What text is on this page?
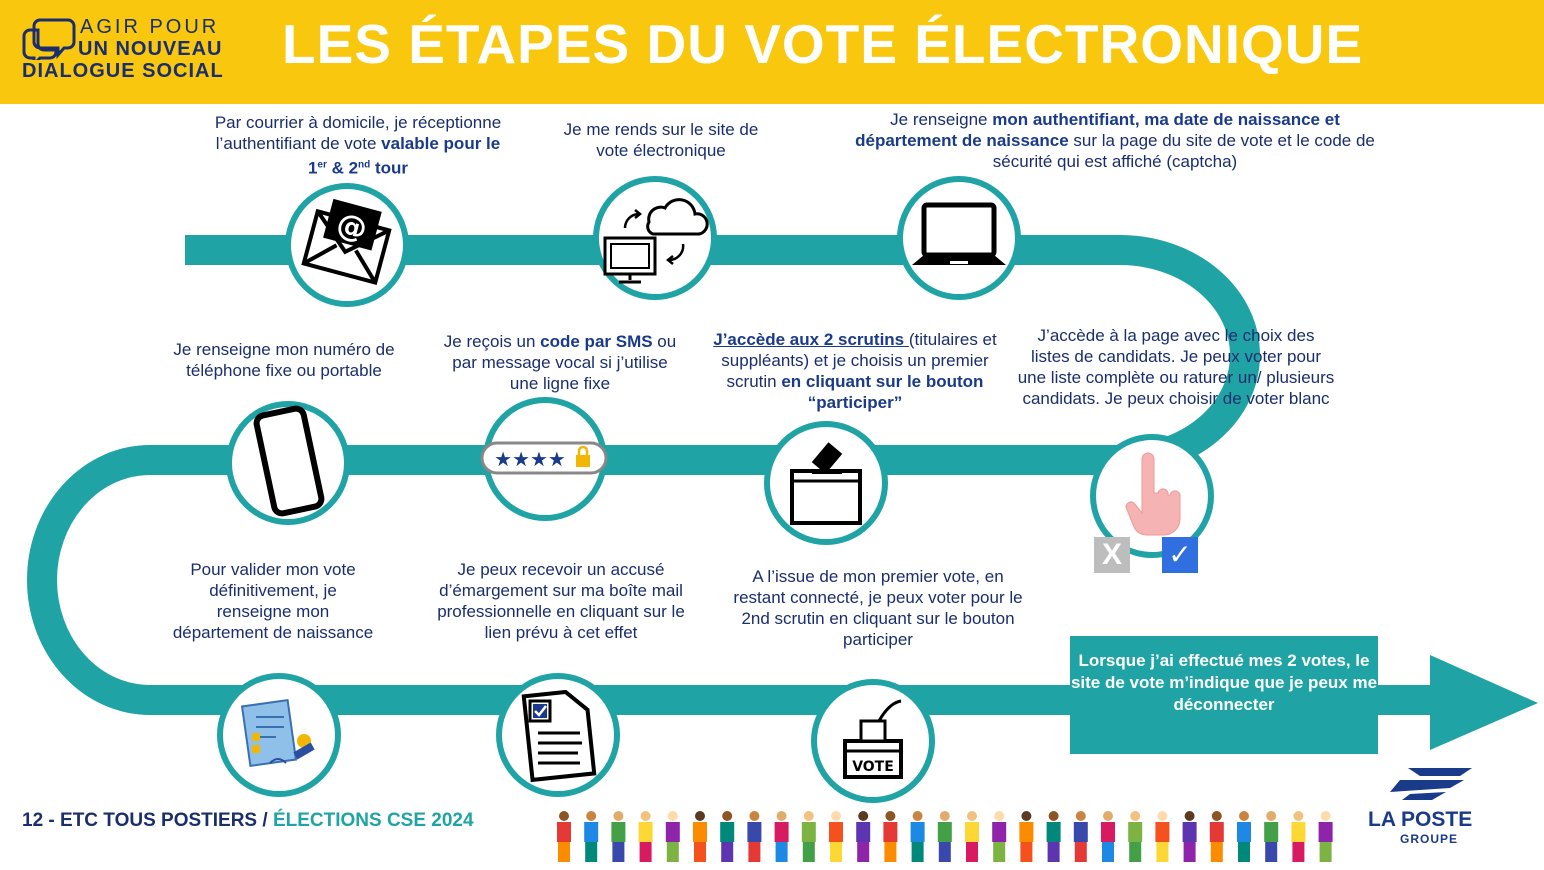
AGIR POUR
UN NOUVEAU
DIALOGUE SOCIAL LES ÉTAPES DU VOTE ÉLECTRONIQUE
Par courrier à domicile, je réceptionne l’authentifiant de vote valable pour le 1er & 2nd tour
Je me rends sur le site de vote électronique
Je renseigne mon authentifiant, ma date de naissance et département de naissance sur la page du site de vote et le code de sécurité qui est affiché (captcha)
J’accède à la page avec le choix des listes de candidats. Je peux voter pour une liste complète ou raturer un/ plusieurs candidats. Je peux choisir de voter blanc
J’accède aux 2 scrutins (titulaires et suppléants) et je choisis un premier scrutin en cliquant sur le bouton “participer”
Je reçois un code par SMS ou par message vocal si j’utilise une ligne fixe
Je renseigne mon numéro de téléphone fixe ou portable
Pour valider mon vote définitivement, je renseigne mon département de naissance
Je peux recevoir un accusé d’émargement sur ma boîte mail professionnelle en cliquant sur le lien prévu à cet effet
A l’issue de mon premier vote, en restant connecté, je peux voter pour le 2nd scrutin en cliquant sur le bouton participer
@
★★★★
X ✓
VOTE
Lorsque j’ai effectué mes 2 votes, le site de vote m’indique que je peux me déconnecter
12 - ETC TOUS POSTIERS / ÉLECTIONS CSE 2024	LA POSTE
GROUPE
